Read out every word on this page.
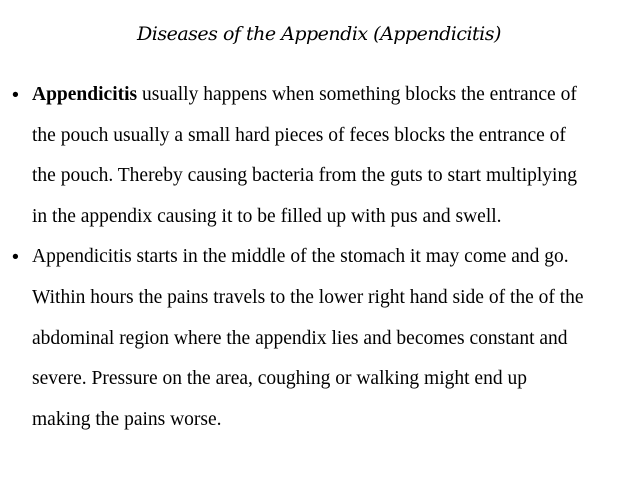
Diseases of the Appendix (Appendicitis)
• Appendicitis usually happens when something blocks the entrance of
the pouch usually a small hard pieces of feces blocks the entrance of
the pouch. Thereby causing bacteria from the guts to start multiplying
in the appendix causing it to be filled up with pus and swell.
• Appendicitis starts in the middle of the stomach it may come and go.
Within hours the pains travels to the lower right hand side of the of the
abdominal region where the appendix lies and becomes constant and
severe. Pressure on the area, coughing or walking might end up
making the pains worse.
